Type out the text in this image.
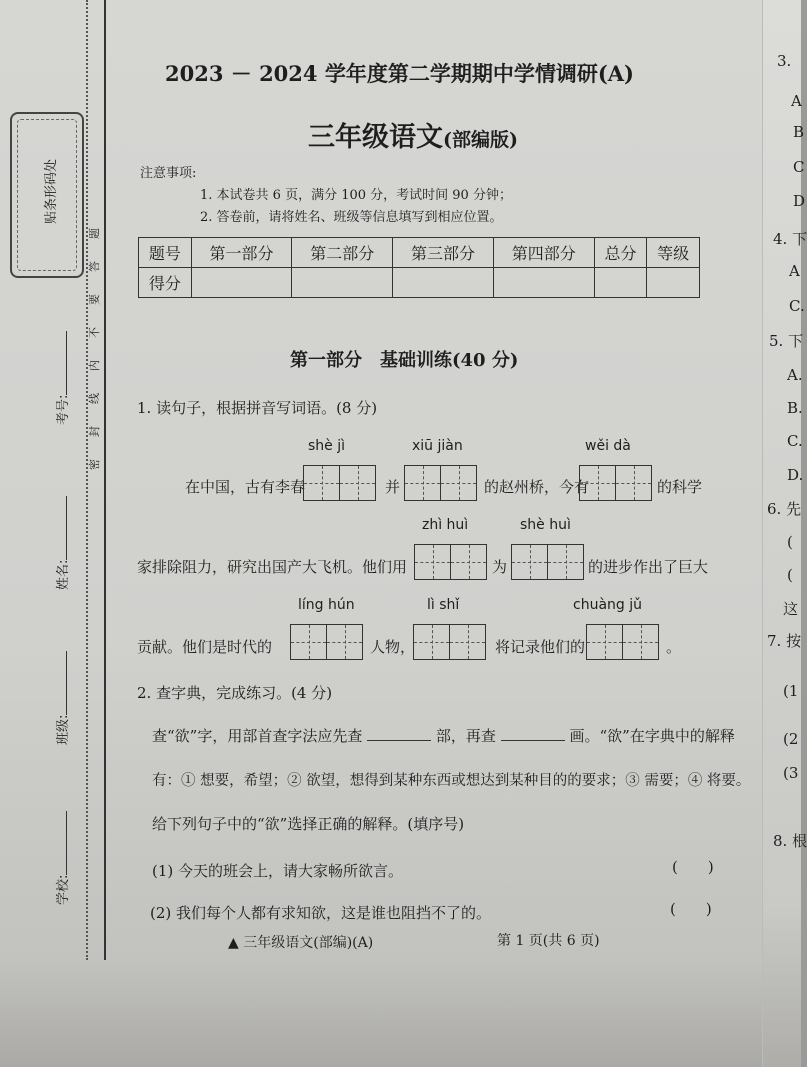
贴条形码处
学校:
班级:
姓名:
考号:
密封线内不要答题
2023 － 2024 学年度第二学期期中学情调研(A)
三年级语文(部编版)
注意事项:
1. 本试卷共 6 页，满分 100 分，考试时间 90 分钟；
2. 答卷前，请将姓名、班级等信息填写到相应位置。
题号	第一部分	第二部分	第三部分	第四部分	总分	等级
得分						
第一部分　基础训练(40 分)
1. 读句子，根据拼音写词语。(8 分)
shè jì	xiū jiàn	wěi dà
在中国，古有李春	并	的赵州桥，今有	的科学
zhì huì	shè huì
家排除阻力，研究出国产大飞机。他们用	为	的进步作出了巨大
líng hún	lì shǐ	chuàng jǔ
贡献。他们是时代的	人物，	将记录他们的	。
2. 查字典，完成练习。(4 分)
查“欲”字，用部首查字法应先查	部，再查	画。“欲”在字典中的解释
有：① 想要，希望；② 欲望，想得到某种东西或想达到某种目的的要求；③ 需要；④ 将要。
给下列句子中的“欲”选择正确的解释。(填序号)
(1) 今天的班会上，请大家畅所欲言。	(　　)
(2) 我们每个人都有求知欲，这是谁也阻挡不了的。	(　　)
▲ 三年级语文(部编)(A)	第 1 页(共 6 页)
3.
A
B
C
D
4. 下
A
C.
5. 下
A.
B.
C.
D.
6. 先
(
(
这
7. 按
(1
(2
(3
8. 根
